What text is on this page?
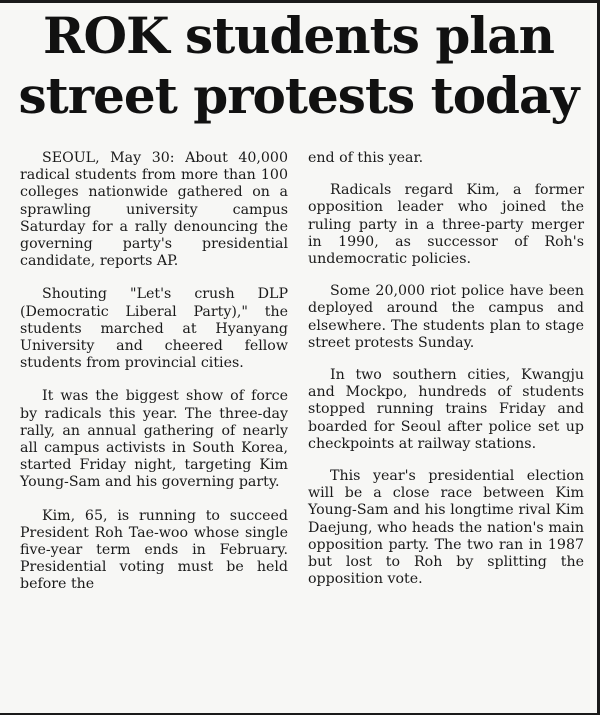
ROK students plan
street protests today

SEOUL, May 30: About 40,000 radical students from more than 100 colleges nationwide gathered on a sprawling university campus Saturday for a rally denouncing the governing party's presidential candidate, reports AP.

Shouting "Let's crush DLP (Democratic Liberal Party)," the students marched at Hyanyang University and cheered fellow students from provincial cities.

It was the biggest show of force by radicals this year. The three-day rally, an annual gathering of nearly all campus activists in South Korea, started Friday night, targeting Kim Young-Sam and his governing party.

Kim, 65, is running to succeed President Roh Tae-woo whose single five-year term ends in February. Presidential voting must be held before the

end of this year.

Radicals regard Kim, a former opposition leader who joined the ruling party in a three-party merger in 1990, as successor of Roh's undemocratic policies.

Some 20,000 riot police have been deployed around the campus and elsewhere. The students plan to stage street protests Sunday.

In two southern cities, Kwangju and Mockpo, hundreds of students stopped running trains Friday and boarded for Seoul after police set up checkpoints at railway stations.

This year's presidential election will be a close race between Kim Young-Sam and his longtime rival Kim Daejung, who heads the nation's main opposition party. The two ran in 1987 but lost to Roh by splitting the opposition vote.
